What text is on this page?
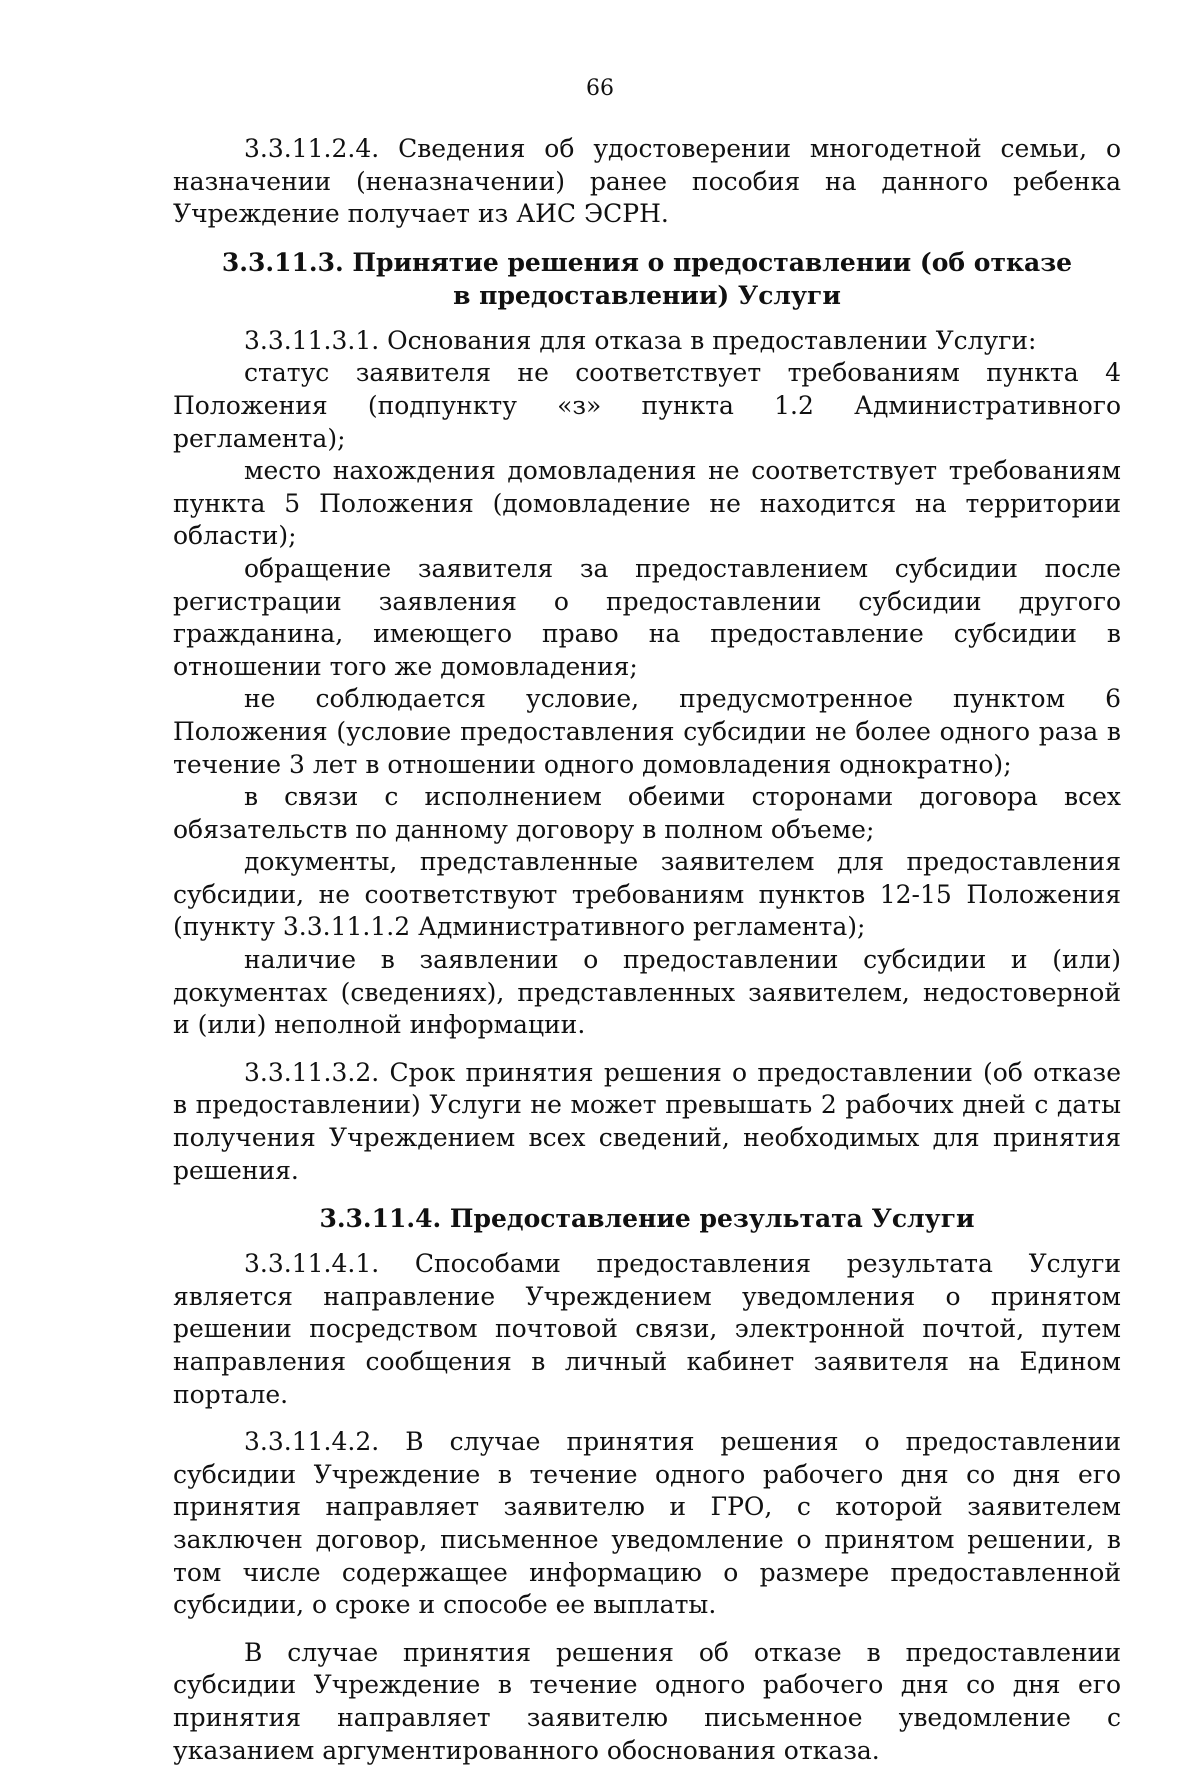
66

3.3.11.2.4. Сведения об удостоверении многодетной семьи, о назначении (неназначении) ранее пособия на данного ребенка Учреждение получает из АИС ЭСРН.

3.3.11.3. Принятие решения о предоставлении (об отказе в предоставлении) Услуги

3.3.11.3.1. Основания для отказа в предоставлении Услуги:

статус заявителя не соответствует требованиям пункта 4 Положения (подпункту «з» пункта 1.2 Административного регламента);

место нахождения домовладения не соответствует требованиям пункта 5 Положения (домовладение не находится на территории области);

обращение заявителя за предоставлением субсидии после регистрации заявления о предоставлении субсидии другого гражданина, имеющего право на предоставление субсидии в отношении того же домовладения;

не соблюдается условие, предусмотренное пунктом 6 Положения (условие предоставления субсидии не более одного раза в течение 3 лет в отношении одного домовладения однократно);

в связи с исполнением обеими сторонами договора всех обязательств по данному договору в полном объеме;

документы, представленные заявителем для предоставления субсидии, не соответствуют требованиям пунктов 12-15 Положения (пункту 3.3.11.1.2 Административного регламента);

наличие в заявлении о предоставлении субсидии и (или) документах (сведениях), представленных заявителем, недостоверной и (или) неполной информации.

3.3.11.3.2. Срок принятия решения о предоставлении (об отказе в предоставлении) Услуги не может превышать 2 рабочих дней с даты получения Учреждением всех сведений, необходимых для принятия решения.

3.3.11.4. Предоставление результата Услуги

3.3.11.4.1. Способами предоставления результата Услуги является направление Учреждением уведомления о принятом решении посредством почтовой связи, электронной почтой, путем направления сообщения в личный кабинет заявителя на Едином портале.

3.3.11.4.2. В случае принятия решения о предоставлении субсидии Учреждение в течение одного рабочего дня со дня его принятия направляет заявителю и ГРО, с которой заявителем заключен договор, письменное уведомление о принятом решении, в том числе содержащее информацию о размере предоставленной субсидии, о сроке и способе ее выплаты.

В случае принятия решения об отказе в предоставлении субсидии Учреждение в течение одного рабочего дня со дня его принятия направляет заявителю письменное уведомление с указанием аргументированного обоснования отказа.
